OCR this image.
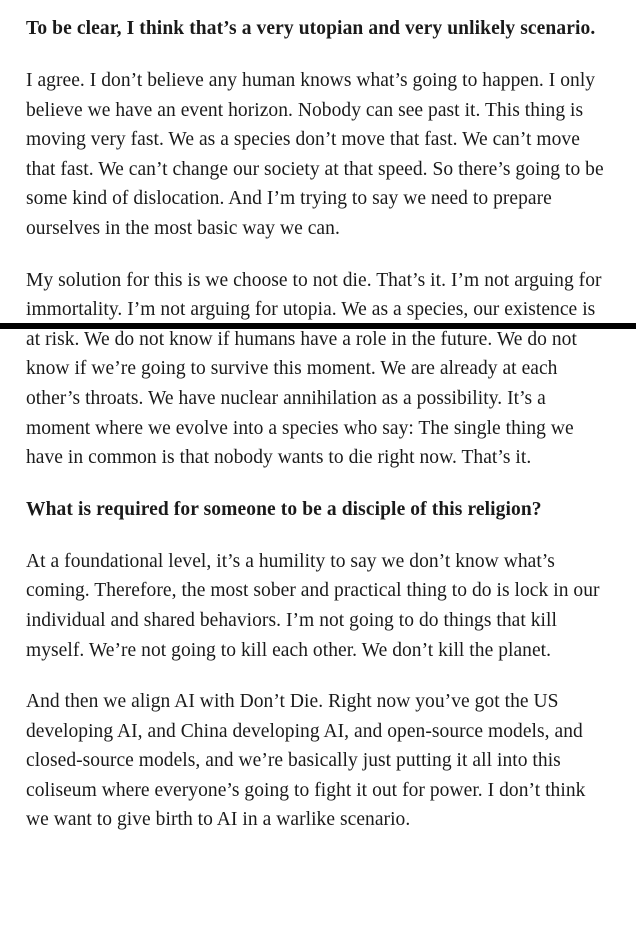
To be clear, I think that’s a very utopian and very unlikely scenario.

I agree. I don’t believe any human knows what’s going to happen. I only believe we have an event horizon. Nobody can see past it. This thing is moving very fast. We as a species don’t move that fast. We can’t move that fast. We can’t change our society at that speed. So there’s going to be some kind of dislocation. And I’m trying to say we need to prepare ourselves in the most basic way we can.

My solution for this is we choose to not die. That’s it. I’m not arguing for immortality. I’m not arguing for utopia. We as a species, our existence is at risk. We do not know if humans have a role in the future. We do not know if we’re going to survive this moment. We are already at each other’s throats. We have nuclear annihilation as a possibility. It’s a moment where we evolve into a species who say: The single thing we have in common is that nobody wants to die right now. That’s it.

What is required for someone to be a disciple of this religion?

At a foundational level, it’s a humility to say we don’t know what’s coming. Therefore, the most sober and practical thing to do is lock in our individual and shared behaviors. I’m not going to do things that kill myself. We’re not going to kill each other. We don’t kill the planet.

And then we align AI with Don’t Die. Right now you’ve got the US developing AI, and China developing AI, and open-source models, and closed-source models, and we’re basically just putting it all into this coliseum where everyone’s going to fight it out for power. I don’t think we want to give birth to AI in a warlike scenario.
